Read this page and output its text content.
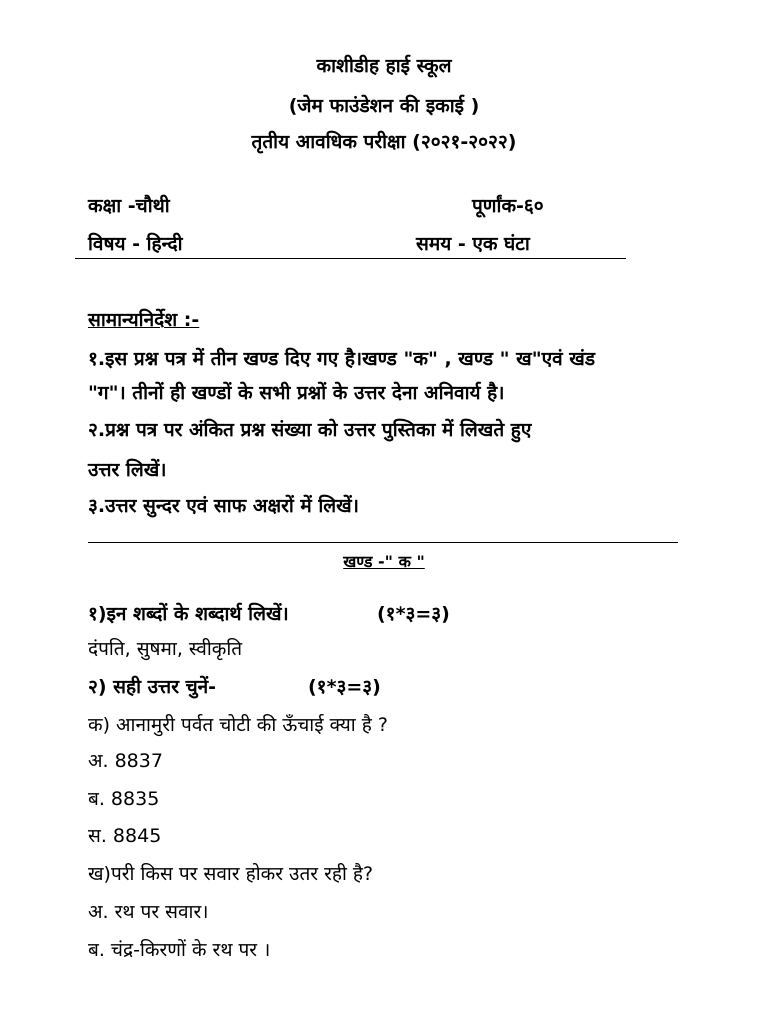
काशीडीह हाई स्कूल
(जेम फाउंडेशन की इकाई )
तृतीय आवधिक परीक्षा (२०२१-२०२२)
कक्षा -चौथी	पूर्णांक-६०
विषय - हिन्दी	समय - एक घंटा
सामान्यनिर्देश :-
१.इस प्रश्न पत्र में तीन खण्ड दिए गए है।खण्ड "क" , खण्ड " ख"एवं खंड
"ग"। तीनों ही खण्डों के सभी प्रश्नों के उत्तर देना अनिवार्य है।
२.प्रश्न पत्र पर अंकित प्रश्न संख्या को उत्तर पुस्तिका में लिखते हुए
उत्तर लिखें।
३.उत्तर सुन्दर एवं साफ अक्षरों में लिखें।
खण्ड -" क "
१)इन शब्दों के शब्दार्थ लिखें।	(१*३=३)
दंपति, सुषमा, स्वीकृति
२) सही उत्तर चुनें-	(१*३=३)
क) आनामुरी पर्वत चोटी की ऊँचाई क्या है ?
अ. 8837
ब. 8835
स. 8845
ख)परी किस पर सवार होकर उतर रही है?
अ. रथ पर सवार।
ब. चंद्र-किरणों के रथ पर ।
